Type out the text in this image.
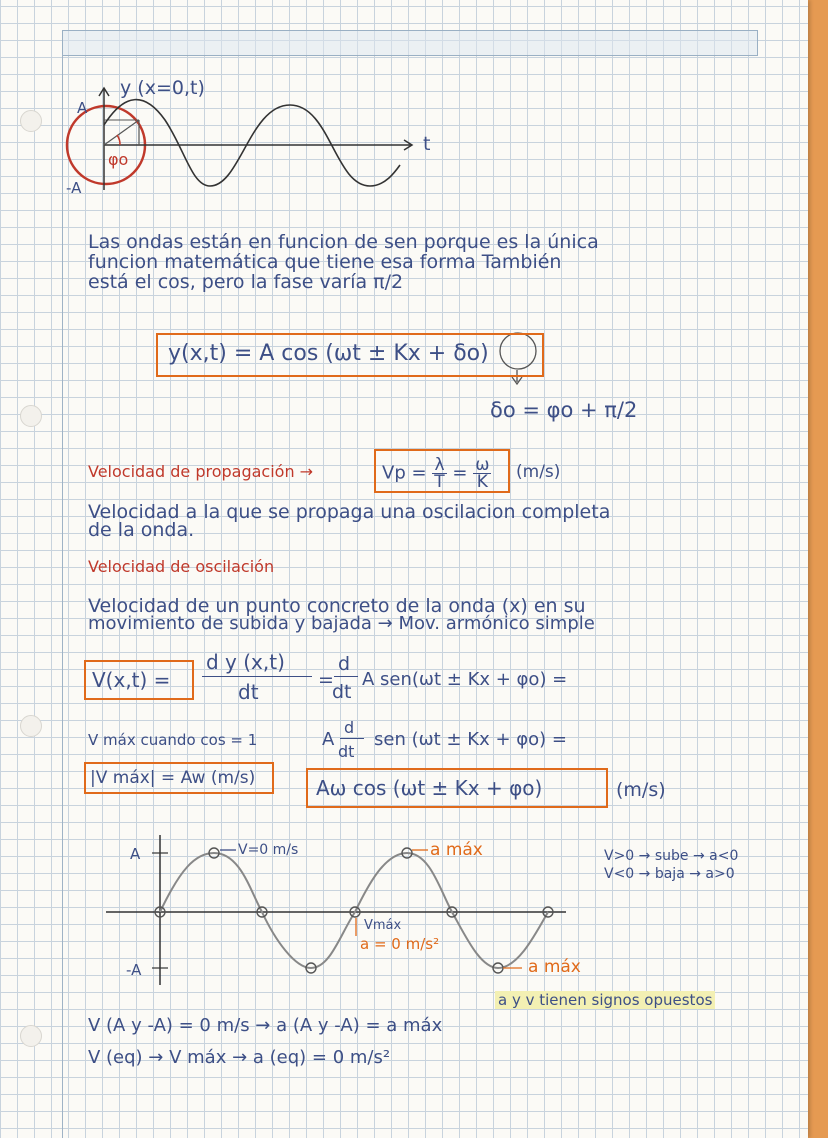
y (x=0,t)
A
-A
t
φo
Las ondas están en funcion de sen porque es la única
funcion matemática que tiene esa forma También
está el cos, pero la fase varía π/2
y(x,t) = A cos (ωt ± Kx + δo)
δo = φo + π/2
Velocidad de propagación →	$Vp = \frac{\lambda}{T} = \frac{\omega}{K} (m/s)$
Velocidad a la que se propaga una oscilacion completa
de la onda.
Velocidad de oscilación
Velocidad de un punto concreto de la onda (x) en su
movimiento de subida y bajada → Mov. armónico simple
V(x,t) =
d y (x,t)
dt	=
d
dt
A sen(ωt ± Kx + φo) =
V máx cuando cos = 1	A
d
dt
sen (ωt ± Kx + φo) =
|V máx| = Aw (m/s)	Aω cos (ωt ± Kx + φo)	(m/s)
A
-A
V=0 m/s	a máx
Vmáx
a = 0 m/s²
a máx
V>0 → sube → a<0
V<0 → baja → a>0
a y v tienen signos opuestos
V (A y -A) = 0 m/s → a (A y -A) = a máx
V (eq) → V máx → a (eq) = 0 m/s²
